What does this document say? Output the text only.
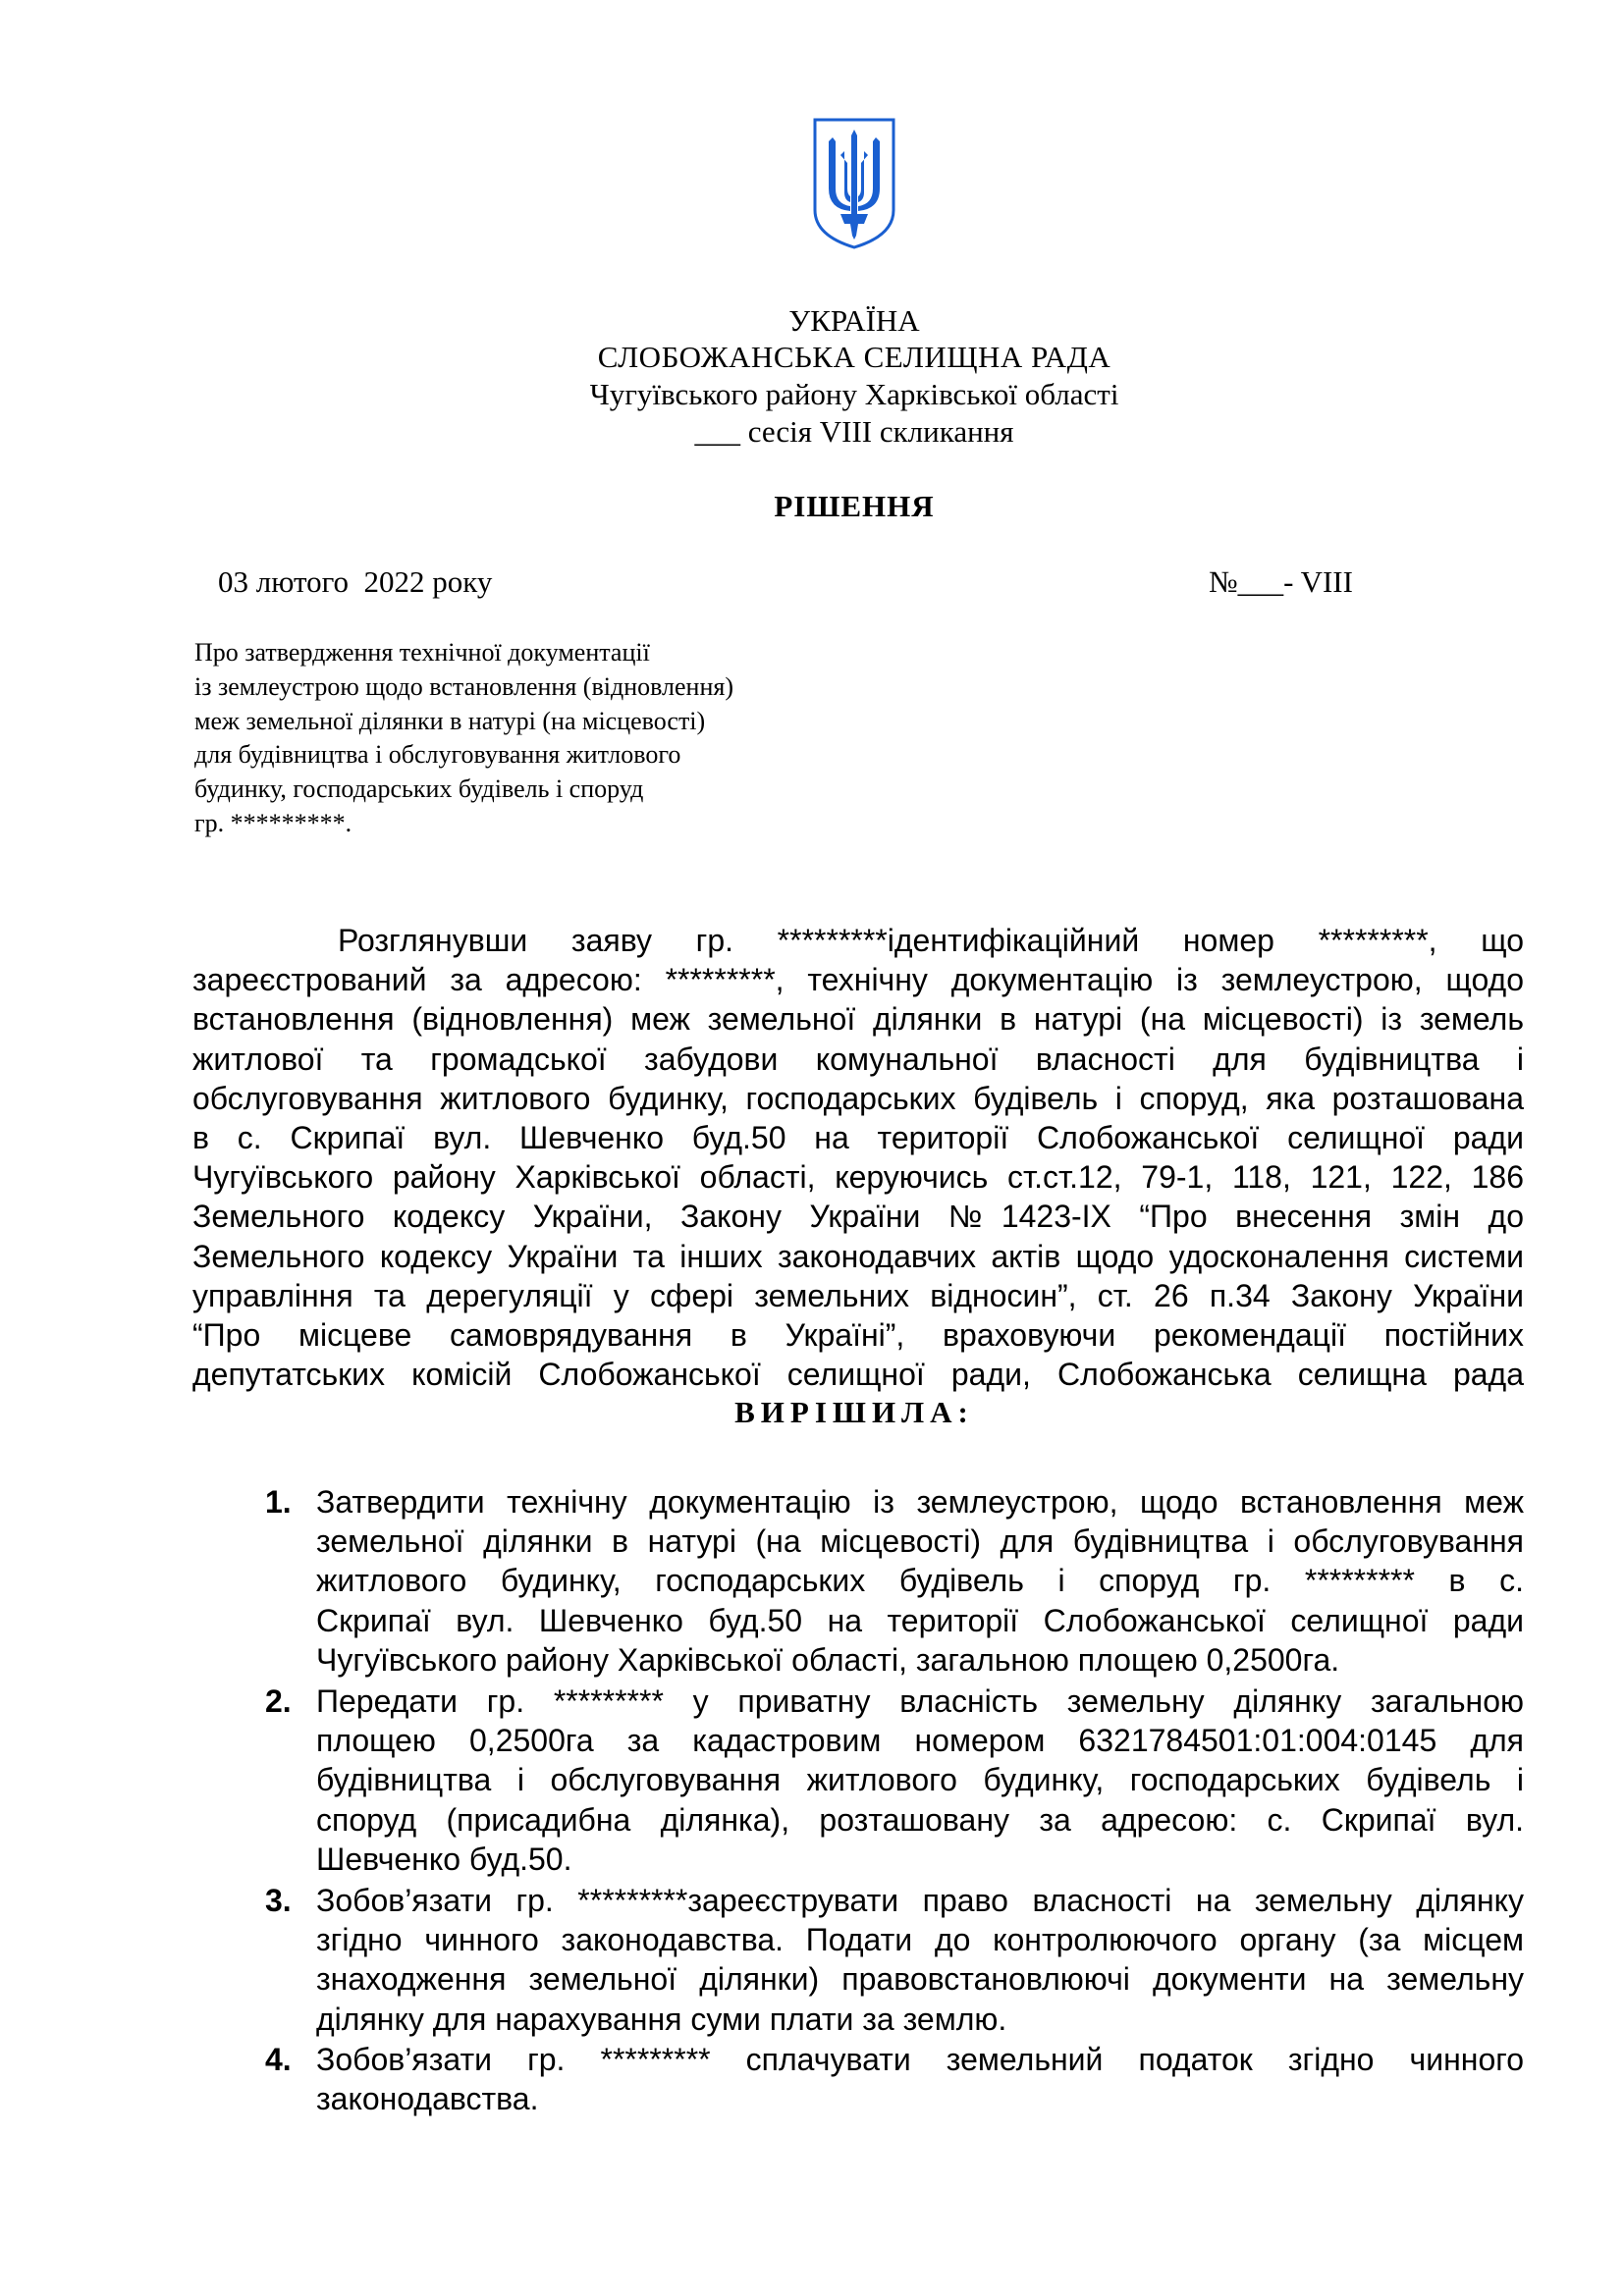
УКРАЇНА
СЛОБОЖАНСЬКА СЕЛИЩНА РАДА
Чугуївського району Харківської області
___ сесія VIII скликання
РІШЕННЯ
03 лютого  2022 року	№___- VIII
Про затвердження технічної документації
із землеустрою щодо встановлення (відновлення)
меж земельної ділянки в натурі (на місцевості)
для будівництва і обслуговування житлового
будинку, господарських будівель і споруд
гр. *********.
Розглянувши заяву гр. *********ідентифікаційний номер *********, що
зареєстрований за адресою: *********, технічну документацію із землеустрою, щодо
встановлення (відновлення) меж земельної ділянки в натурі (на місцевості) із земель
житлової та громадської забудови комунальної власності для будівництва і
обслуговування житлового будинку, господарських будівель і споруд, яка розташована
в с. Скрипаї вул. Шевченко буд.50 на території Слобожанської селищної ради
Чугуївського району Харківської області, керуючись ст.ст.12, 79-1, 118, 121, 122, 186
Земельного кодексу України, Закону України №1423-IX “Про внесення змін до
Земельного кодексу України та інших законодавчих актів щодо удосконалення системи
управління та дерегуляції у сфері земельних відносин”, ст. 26 п.34 Закону України
“Про місцеве самоврядування в Україні”, враховуючи рекомендації постійних
депутатських комісій Слобожанської селищної ради, Слобожанська селищна рада
ВИРІШИЛА:
1. Затвердити технічну документацію із землеустрою, щодо встановлення меж
земельної ділянки в натурі (на місцевості) для будівництва і обслуговування
житлового будинку, господарських будівель і споруд гр. ********* в с.
Скрипаї вул. Шевченко буд.50 на території Слобожанської селищної ради
Чугуївського району Харківської області, загальною площею 0,2500га.
2. Передати гр. ********* у приватну власність земельну ділянку загальною
площею 0,2500га за кадастровим номером 6321784501:01:004:0145 для
будівництва і обслуговування житлового будинку, господарських будівель і
споруд (присадибна ділянка), розташовану за адресою: с. Скрипаї вул.
Шевченко буд.50.
3. Зобов’язати гр. *********зареєструвати право власності на земельну ділянку
згідно чинного законодавства. Подати до контролюючого органу (за місцем
знаходження земельної ділянки) правовстановлюючі документи на земельну
ділянку для нарахування суми плати за землю.
4. Зобов’язати гр. ********* сплачувати земельний податок згідно чинного
законодавства.
